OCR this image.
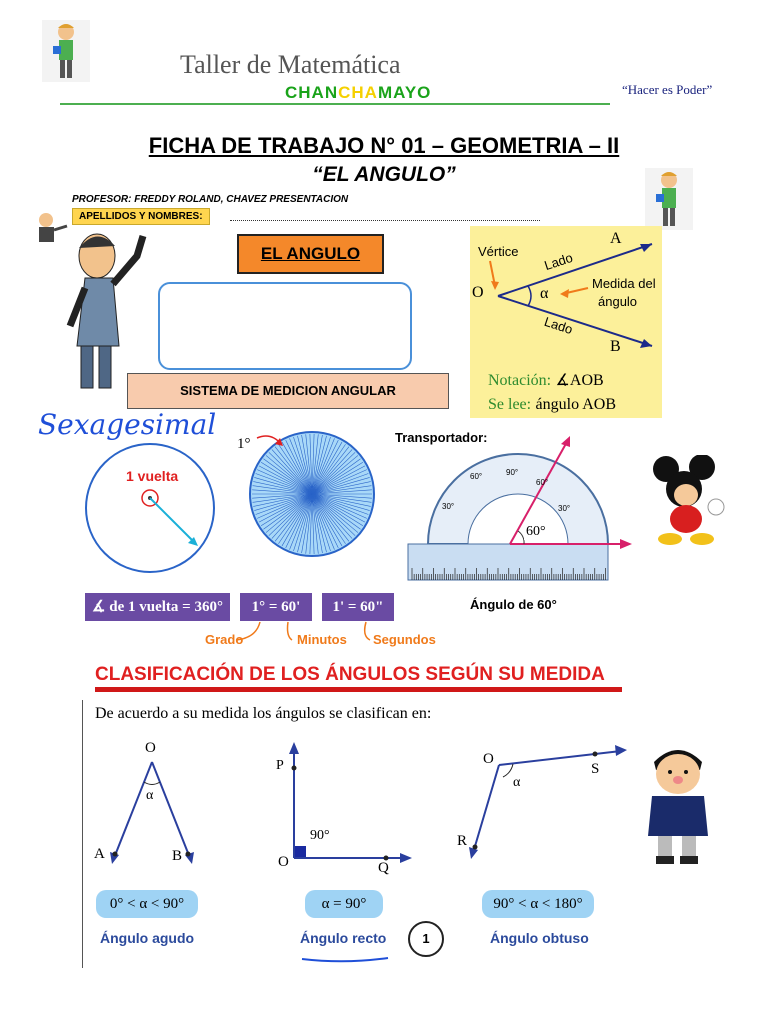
Taller de Matemática
CHANCHAMAYO	“Hacer es Poder”
FICHA DE TRABAJO N° 01 – GEOMETRIA – II
“EL ANGULO”
PROFESOR: FREDDY ROLAND, CHAVEZ PRESENTACION
APELLIDOS Y NOMBRES:
EL ANGULO
SISTEMA DE MEDICION ANGULAR
Vértice Lado
Lado
O
A
B
α
Medida del
ángulo
Notación: ∡AOB
Se lee: ángulo AOB
Sexagesimal
1 vuelta
1°	Transportador:
30°
60°	90°
60°
30°
60°
Ángulo de 60°
∡ de 1 vuelta = 360°	1° = 60'	1' = 60"
Grado	Minutos Segundos
CLASIFICACIÓN DE LOS ÁNGULOS SEGÚN SU MEDIDA
De acuerdo a su medida los ángulos se clasifican en:
O
α
A	B
0° < α < 90°
Ángulo agudo
P
90°
O	Q
α = 90°
Ángulo recto	1
O
α
S
R
90° < α < 180°
Ángulo obtuso
